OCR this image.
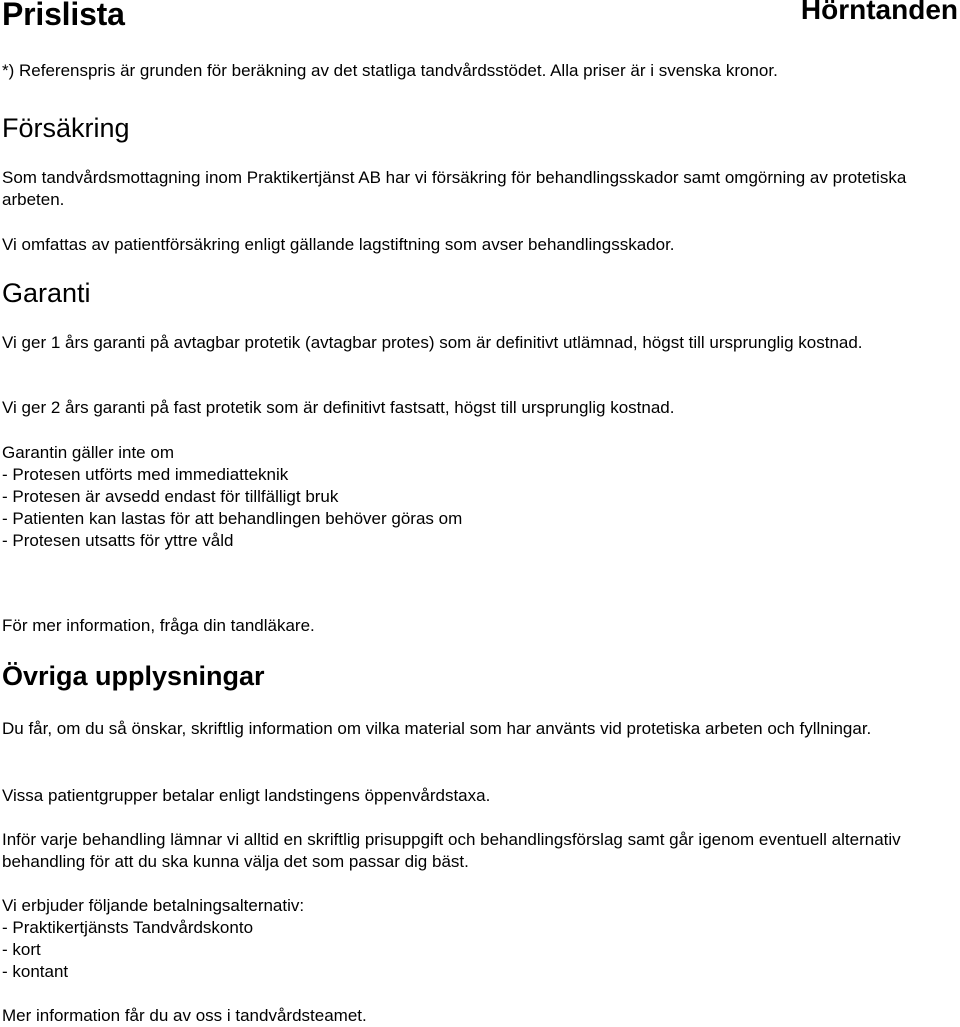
Prislista	Hörntanden

*) Referenspris är grunden för beräkning av det statliga tandvårdsstödet. Alla priser är i svenska kronor.

Försäkring

Som tandvårdsmottagning inom Praktikertjänst AB har vi försäkring för behandlingsskador samt omgörning av protetiska arbeten.

Vi omfattas av patientförsäkring enligt gällande lagstiftning som avser behandlingsskador.

Garanti

Vi ger 1 års garanti på avtagbar protetik (avtagbar protes) som är definitivt utlämnad, högst till ursprunglig kostnad.

Vi ger 2 års garanti på fast protetik som är definitivt fastsatt, högst till ursprunglig kostnad.

Garantin gäller inte om

- Protesen utförts med immediatteknik
- Protesen är avsedd endast för tillfälligt bruk
- Patienten kan lastas för att behandlingen behöver göras om
- Protesen utsatts för yttre våld

För mer information, fråga din tandläkare.

Övriga upplysningar

Du får, om du så önskar, skriftlig information om vilka material som har använts vid protetiska arbeten och fyllningar.

Vissa patientgrupper betalar enligt landstingens öppenvårdstaxa.

Inför varje behandling lämnar vi alltid en skriftlig prisuppgift och behandlingsförslag samt går igenom eventuell alternativ behandling för att du ska kunna välja det som passar dig bäst.

Vi erbjuder följande betalningsalternativ:

- Praktikertjänsts Tandvårdskonto
- kort
- kontant

Mer information får du av oss i tandvårdsteamet.
